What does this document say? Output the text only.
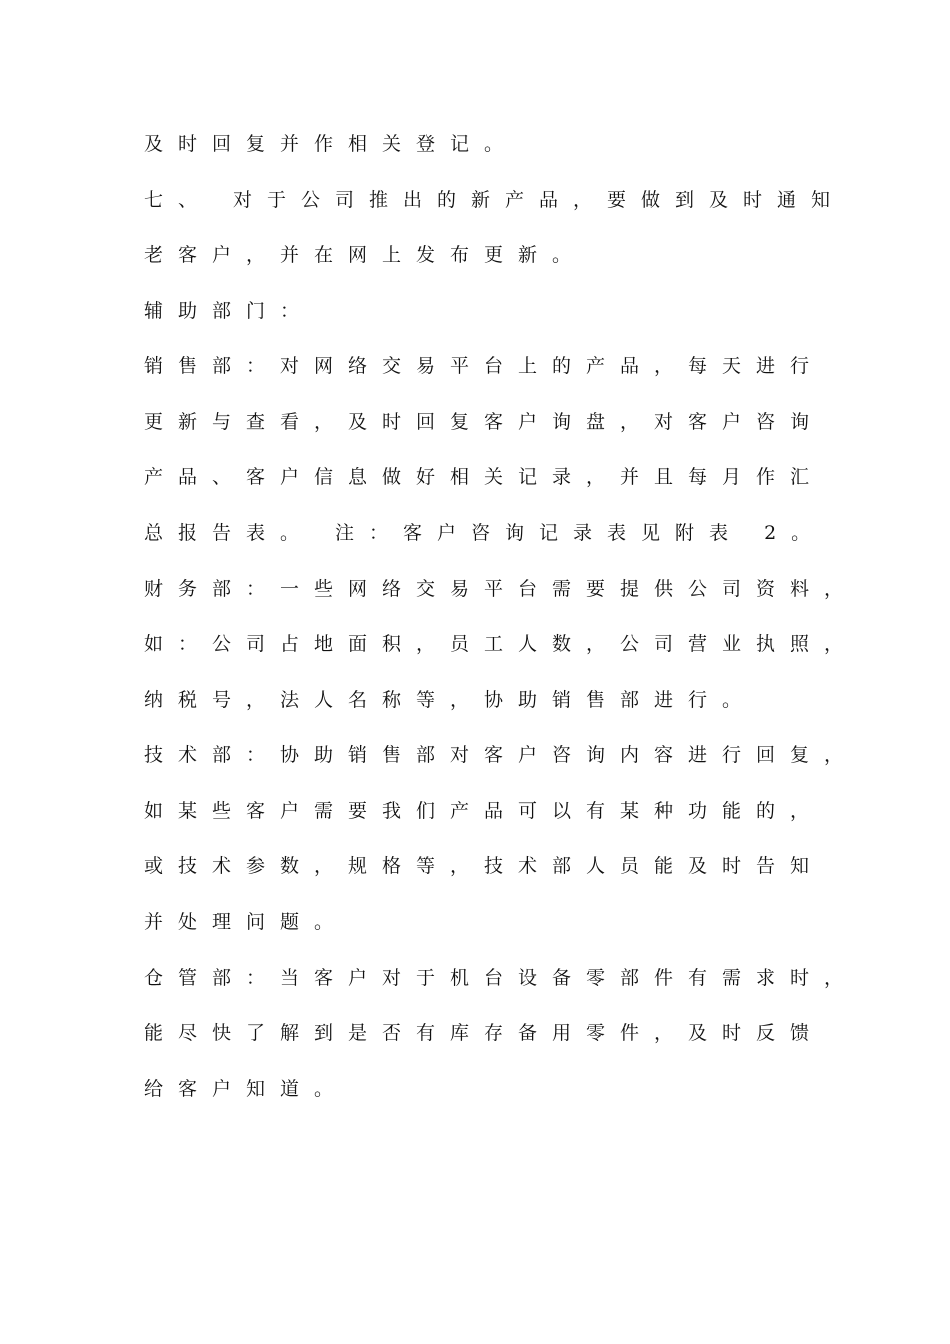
及时回复并作相关登记。

七、 对于公司推出的新产品，要做到及时通知

老客户，并在网上发布更新。

辅助部门：

销售部：对网络交易平台上的产品，每天进行

更新与查看，及时回复客户询盘，对客户咨询

产品、客户信息做好相关记录，并且每月作汇

总报告表。 注：客户咨询记录表见附表 2。

财务部：一些网络交易平台需要提供公司资料，

如：公司占地面积，员工人数，公司营业执照，

纳税号，法人名称等，协助销售部进行。

技术部：协助销售部对客户咨询内容进行回复，

如某些客户需要我们产品可以有某种功能的，

或技术参数，规格等，技术部人员能及时告知

并处理问题。

仓管部：当客户对于机台设备零部件有需求时，

能尽快了解到是否有库存备用零件，及时反馈

给客户知道。
